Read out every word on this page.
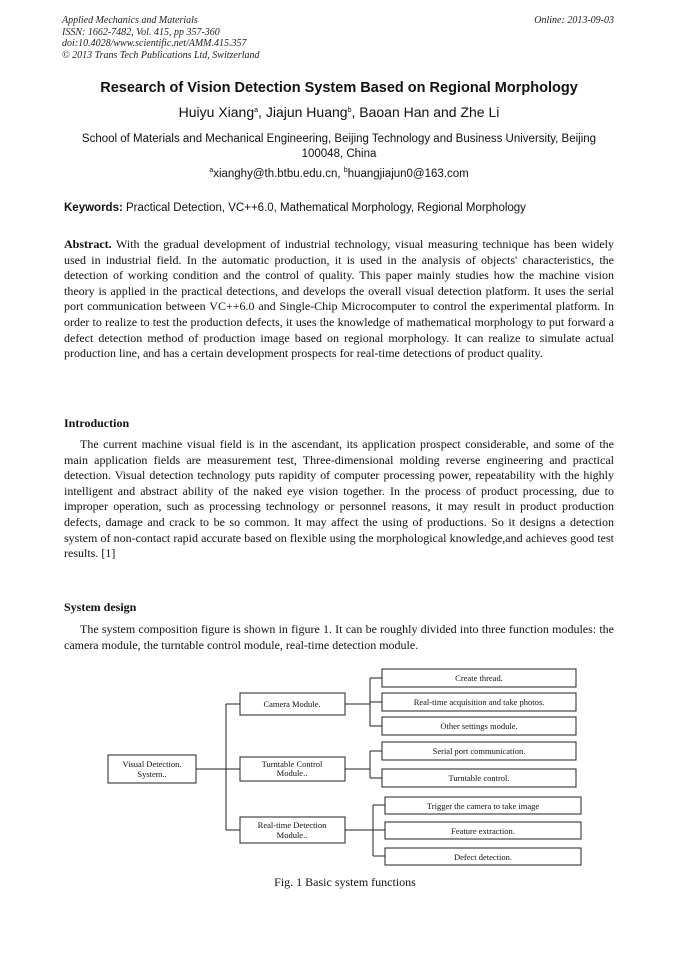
Applied Mechanics and Materials
ISSN: 1662-7482, Vol. 415, pp 357-360
doi:10.4028/www.scientific.net/AMM.415.357
© 2013 Trans Tech Publications Ltd, Switzerland
Online: 2013-09-03
Research of Vision Detection System Based on Regional Morphology
Huiyu Xiang$^a$, Jiajun Huang$^b$, Baoan Han and Zhe Li
School of Materials and Mechanical Engineering, Beijing Technology and Business University, Beijing 100048, China
$^a$xianghy@th.btbu.edu.cn, $^b$huangjiajun0@163.com
Keywords: Practical Detection, VC++6.0, Mathematical Morphology, Regional Morphology
Abstract. With the gradual development of industrial technology, visual measuring technique has been widely used in industrial field. In the automatic production, it is used in the analysis of objects' characteristics, the detection of working condition and the control of quality. This paper mainly studies how the machine vision theory is applied in the practical detections, and develops the overall visual detection platform. It uses the serial port communication between VC++6.0 and Single-Chip Microcomputer to control the experimental platform. In order to realize to test the production defects, it uses the knowledge of mathematical morphology to put forward a defect detection method of production image based on regional morphology. It can realize to simulate actual production line, and has a certain development prospects for real-time detections of product quality.
Introduction
The current machine visual field is in the ascendant, its application prospect considerable, and some of the main application fields are measurement test, Three-dimensional molding reverse engineering and practical detection. Visual detection technology puts rapidity of computer processing power, repeatability with the highly intelligent and abstract ability of the naked eye vision together. In the process of product processing, due to improper operation, such as processing technology or personnel reasons, it may result in product production defects, damage and crack to be so common. It may affect the using of productions. So it designs a detection system of non-contact rapid accurate based on flexible using the morphological knowledge,and achieves good test results. [1]
System design
The system composition figure is shown in figure 1. It can be roughly divided into three function modules: the camera module, the turntable control module, real-time detection module.
Visual Detection.
System..
Camera Module.
Turntable Control
Module..
Real-time Detection
Module..
Create thread.
Real-time acquisition and take photos.
Other settings module.
Serial port communication.
Turntable control.
Trigger the camera to take image
Feature extraction.
Defect detection.
Fig. 1 Basic system functions
